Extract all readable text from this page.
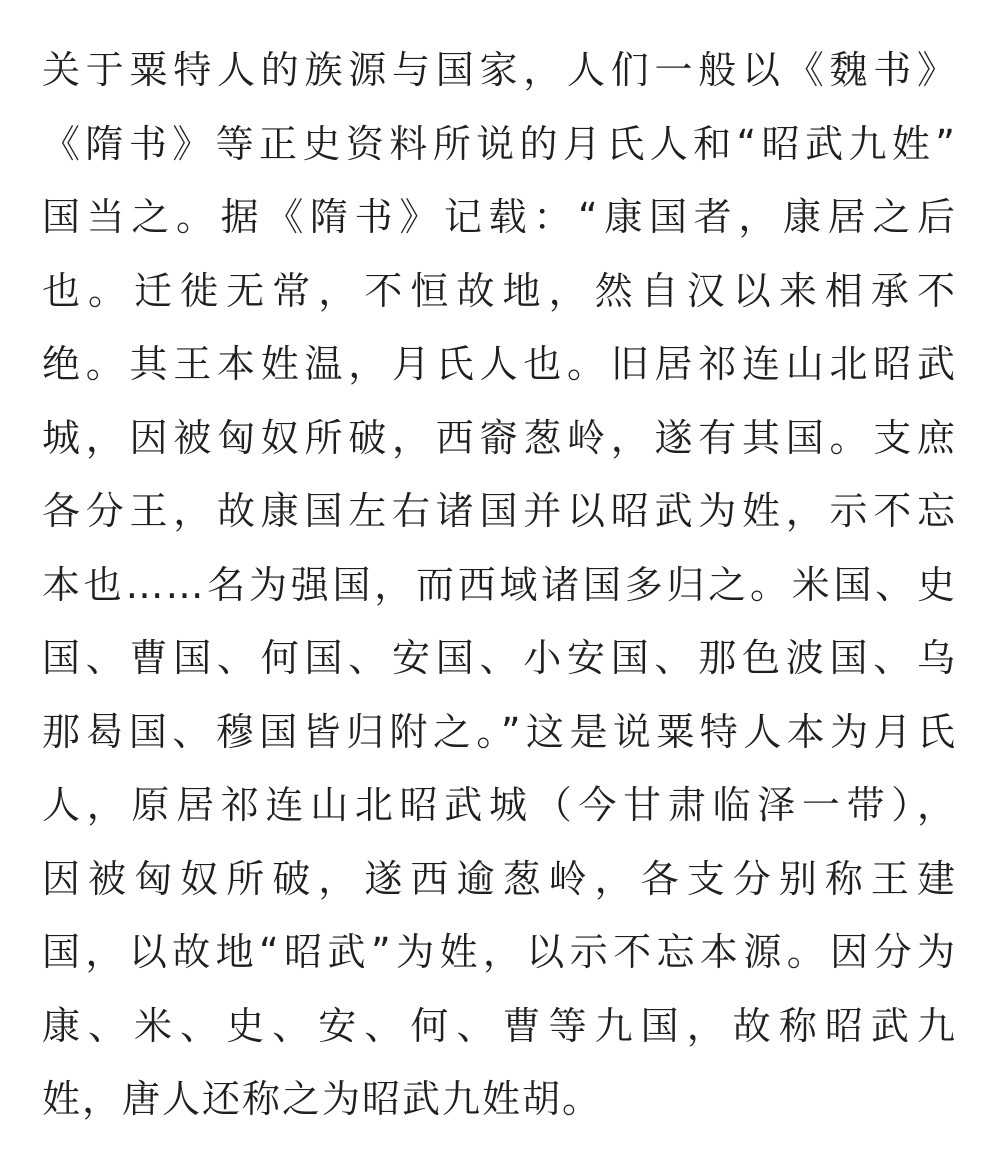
关于粟特人的族源与国家，人们一般以《魏书》
《隋书》等正史资料所说的月氏人和“昭武九姓”
国当之。据《隋书》记载：“康国者，康居之后
也。迁徙无常，不恒故地，然自汉以来相承不
绝。其王本姓温，月氏人也。旧居祁连山北昭武
城，因被匈奴所破，西窬葱岭，遂有其国。支庶
各分王，故康国左右诸国并以昭武为姓，示不忘
本也……名为强国，而西域诸国多归之。米国、史
国、曹国、何国、安国、小安国、那色波国、乌
那曷国、穆国皆归附之。”这是说粟特人本为月氏
人，原居祁连山北昭武城（今甘肃临泽一带），
因被匈奴所破，遂西逾葱岭，各支分别称王建
国，以故地“昭武”为姓，以示不忘本源。因分为
康、米、史、安、何、曹等九国，故称昭武九
姓，唐人还称之为昭武九姓胡。
